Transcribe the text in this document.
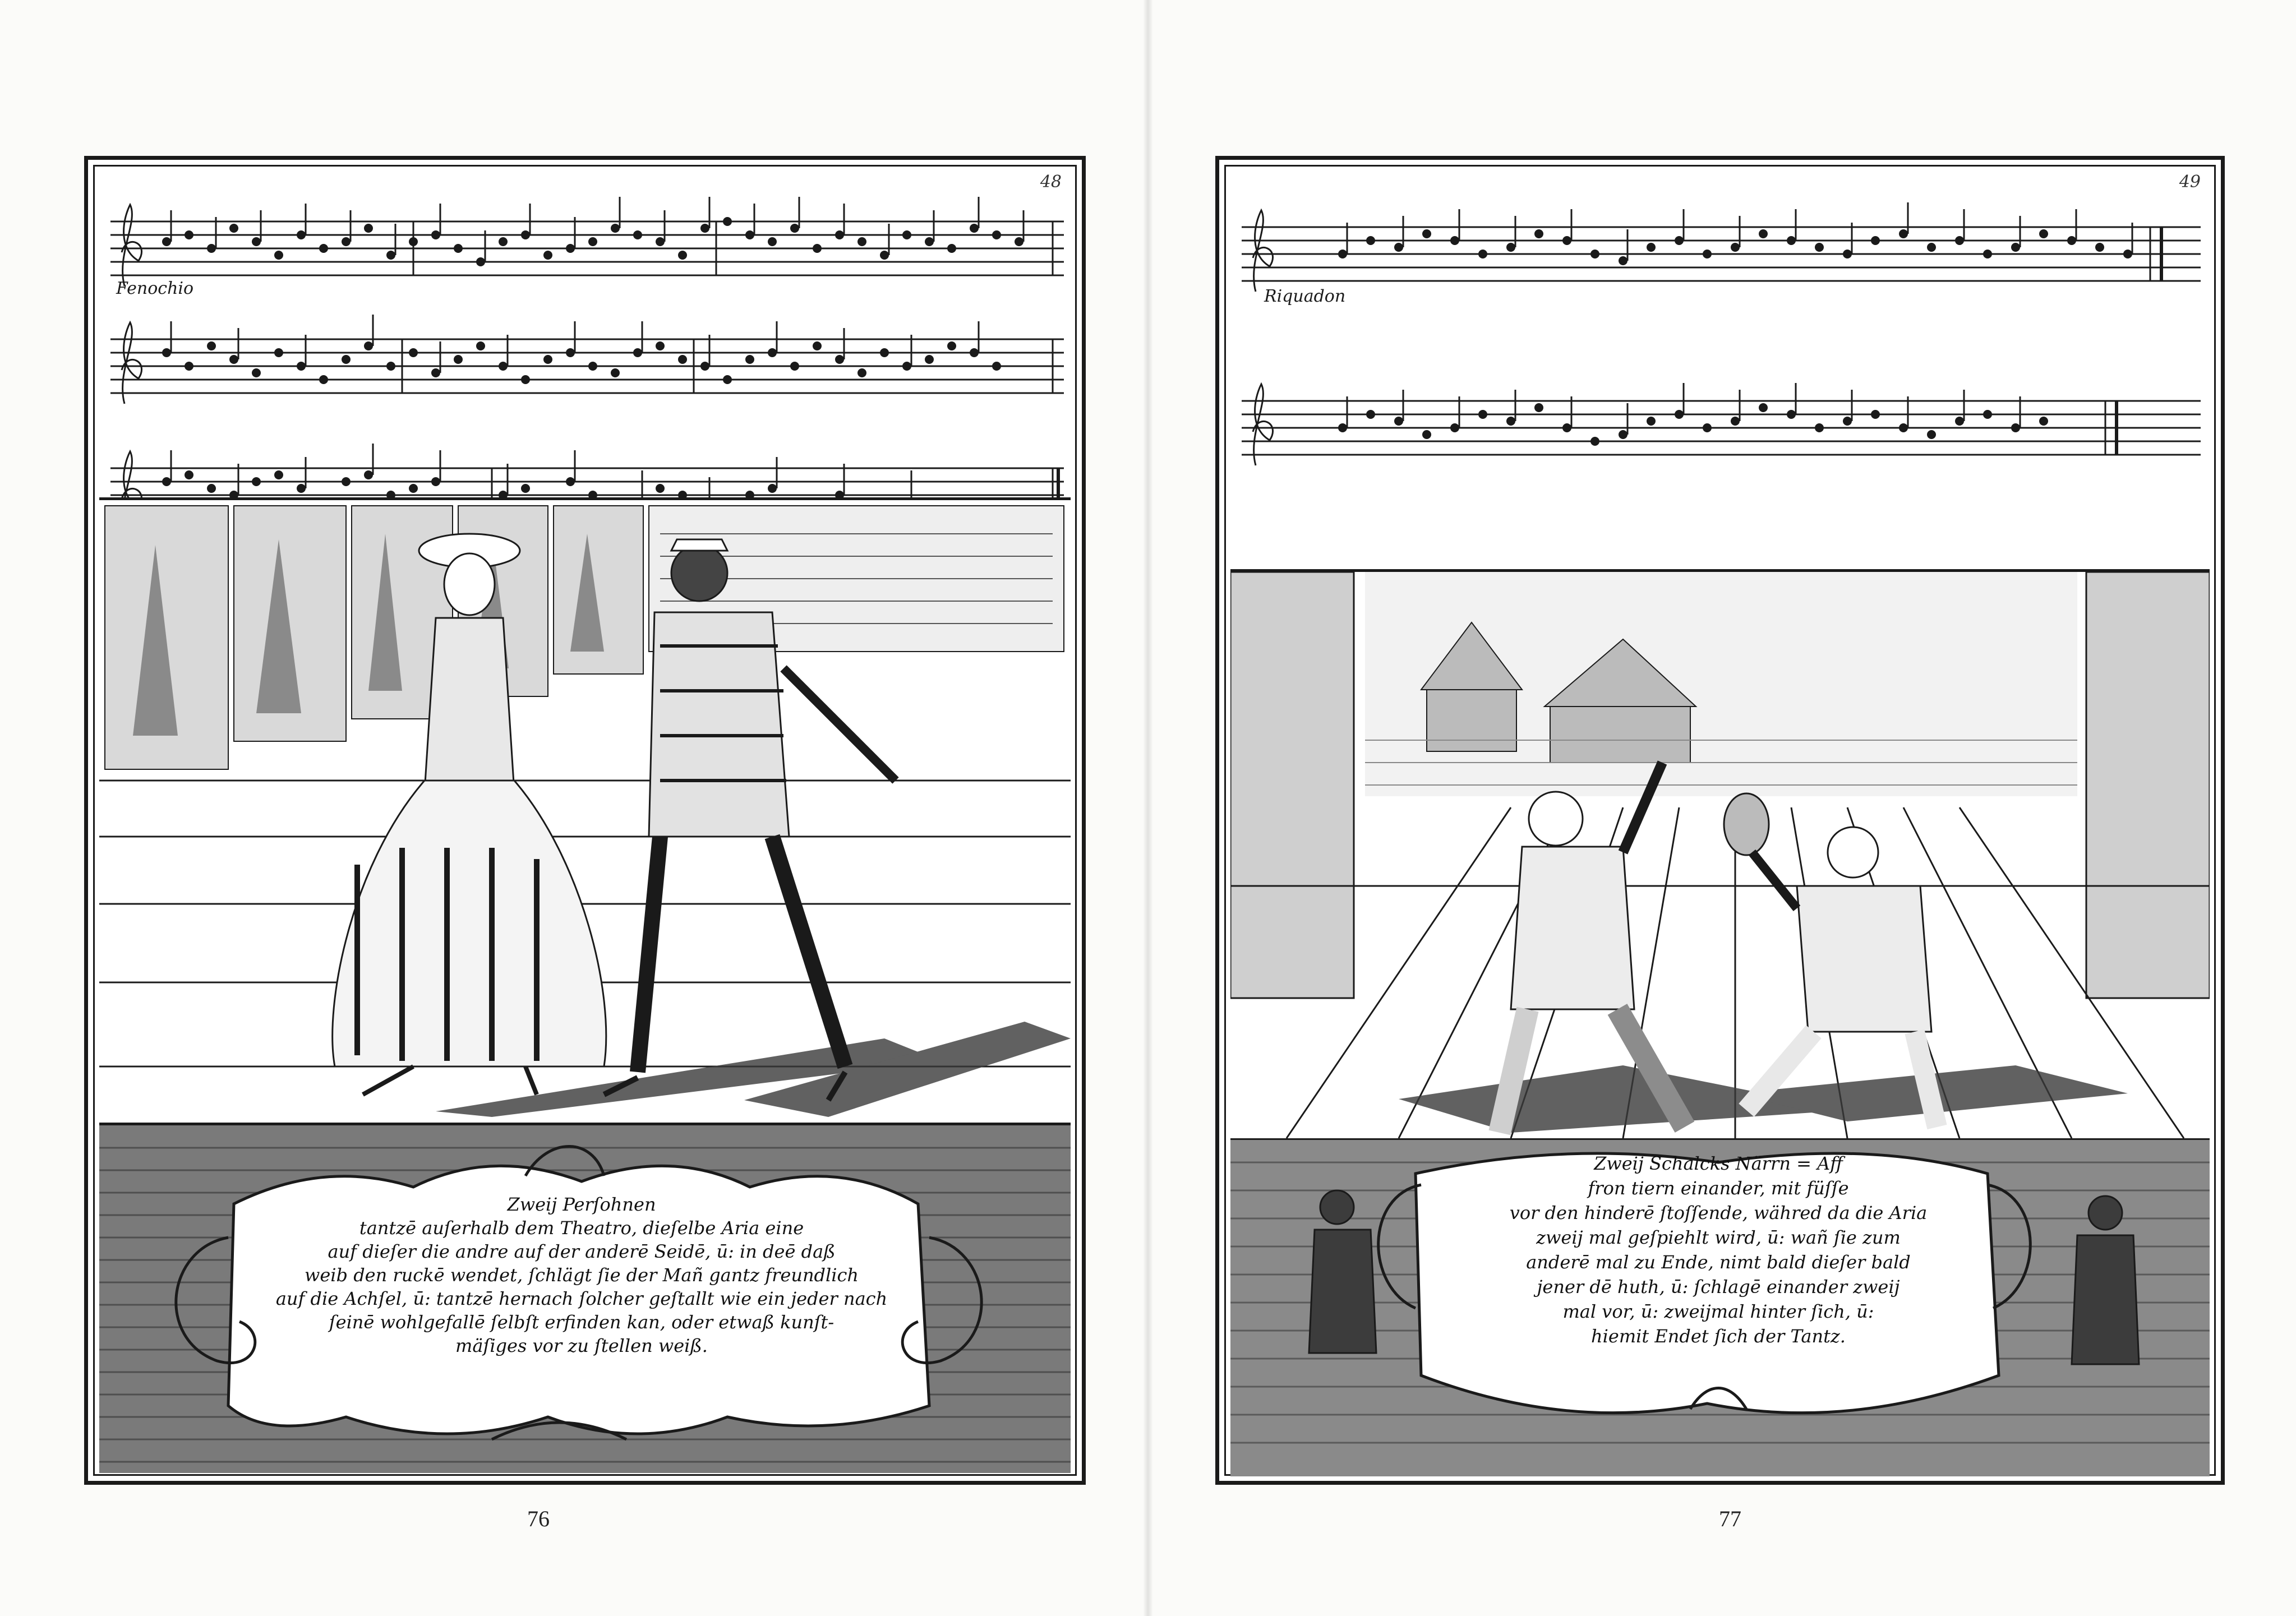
48
Fenochio
Zweij Perſohnen
tantzē auſerhalb dem Theatro, dieſelbe Aria eine
auf dieſer die andre auf der anderē Seidē, ū: in deē daß
weib den ruckē wendet, ſchlägt ſie der Mañ gantz freundlich
auf die Achſel, ū: tantzē hernach ſolcher geſtallt wie ein jeder nach
ſeinē wohlgefallē ſelbſt erfinden kan, oder etwaß kunſt-
mäſiges vor zu ſtellen weiß.
76
49
Riquadon
Zweij Schalcks Närrn = Aff
fron tiern einander, mit füſſe
vor den hinderē ſtoſſende, währed da die Aria
zweij mal geſpiehlt wird, ū: wañ ſie zum
anderē mal zu Ende, nimt bald dieſer bald
jener dē huth, ū: ſchlagē einander zweij
mal vor, ū: zweijmal hinter ſich, ū:
hiemit Endet ſich der Tantz.
77
